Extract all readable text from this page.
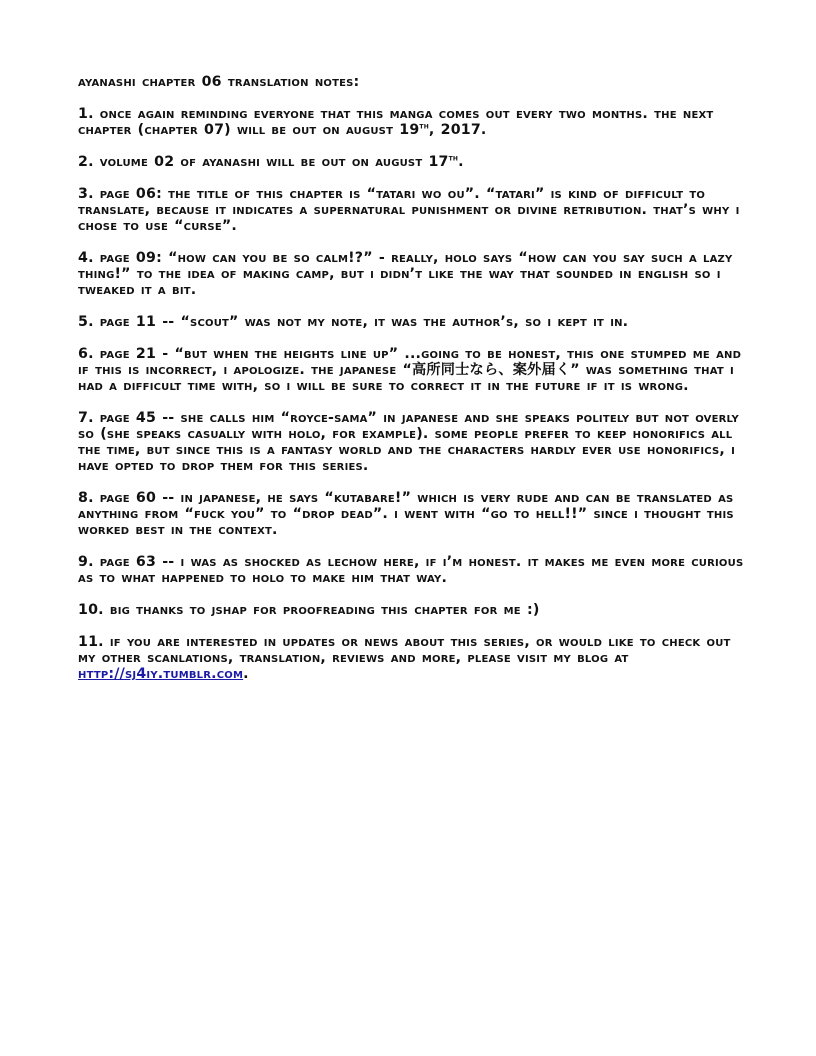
ayanashi chapter 06 translation notes:

1. once again reminding everyone that this manga comes out every two months. the next chapter (chapter 07) will be out on august 19th, 2017.

2. volume 02 of ayanashi will be out on august 17th.

3. page 06: the title of this chapter is “tatari wo ou”. “tatari” is kind of difficult to translate, because it indicates a supernatural punishment or divine retribution. that’s why i chose to use “curse”.

4. page 09: “how can you be so calm!?” - really, holo says “how can you say such a lazy thing!” to the idea of making camp, but i didn’t like the way that sounded in english so i tweaked it a bit.

5. page 11 -- “scout” was not my note, it was the author’s, so i kept it in.

6. page 21 - “but when the heights line up” ...going to be honest, this one stumped me and if this is incorrect, i apologize. the japanese “高所同士なら、案外届く” was something that i had a difficult time with, so i will be sure to correct it in the future if it is wrong.

7. page 45 -- she calls him “royce-sama” in japanese and she speaks politely but not overly so (she speaks casually with holo, for example). some people prefer to keep honorifics all the time, but since this is a fantasy world and the characters hardly ever use honorifics, i have opted to drop them for this series.

8. page 60 -- in japanese, he says “kutabare!” which is very rude and can be translated as anything from “fuck you” to “drop dead”. i went with “go to hell!!” since i thought this worked best in the context.

9. page 63 -- i was as shocked as lechow here, if i’m honest. it makes me even more curious as to what happened to holo to make him that way.

10. big thanks to jshap for proofreading this chapter for me :)

11. if you are interested in updates or news about this series, or would like to check out my other scanlations, translation, reviews and more, please visit my blog at http://sj4iy.tumblr.com.
